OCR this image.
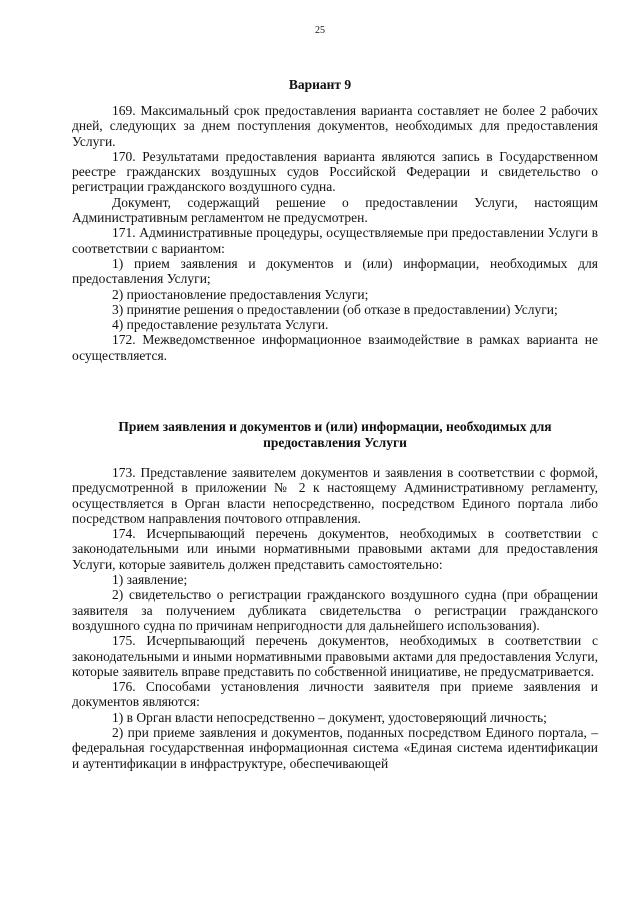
25
Вариант 9

169. Максимальный срок предоставления варианта составляет не более 2 рабочих дней, следующих за днем поступления документов, необходимых для предоставления Услуги.

170. Результатами предоставления варианта являются запись в Государственном реестре гражданских воздушных судов Российской Федерации и свидетельство о регистрации гражданского воздушного судна.

Документ, содержащий решение о предоставлении Услуги, настоящим Административным регламентом не предусмотрен.

171. Административные процедуры, осуществляемые при предоставлении Услуги в соответствии с вариантом:

1) прием заявления и документов и (или) информации, необходимых для предоставления Услуги;

2) приостановление предоставления Услуги;

3) принятие решения о предоставлении (об отказе в предоставлении) Услуги;

4) предоставление результата Услуги.

172. Межведомственное информационное взаимодействие в рамках варианта не осуществляется.

Прием заявления и документов и (или) информации, необходимых для предоставления Услуги

173. Представление заявителем документов и заявления в соответствии с формой, предусмотренной в приложении № 2 к настоящему Административному регламенту, осуществляется в Орган власти непосредственно, посредством Единого портала либо посредством направления почтового отправления.

174. Исчерпывающий перечень документов, необходимых в соответствии с законодательными или иными нормативными правовыми актами для предоставления Услуги, которые заявитель должен представить самостоятельно:

1) заявление;

2) свидетельство о регистрации гражданского воздушного судна (при обращении заявителя за получением дубликата свидетельства о регистрации гражданского воздушного судна по причинам непригодности для дальнейшего использования).

175. Исчерпывающий перечень документов, необходимых в соответствии с законодательными и иными нормативными правовыми актами для предоставления Услуги, которые заявитель вправе представить по собственной инициативе, не предусматривается.

176. Способами установления личности заявителя при приеме заявления и документов являются:

1) в Орган власти непосредственно – документ, удостоверяющий личность;

2) при приеме заявления и документов, поданных посредством Единого портала, – федеральная государственная информационная система «Единая система идентификации и аутентификации в инфраструктуре, обеспечивающей
